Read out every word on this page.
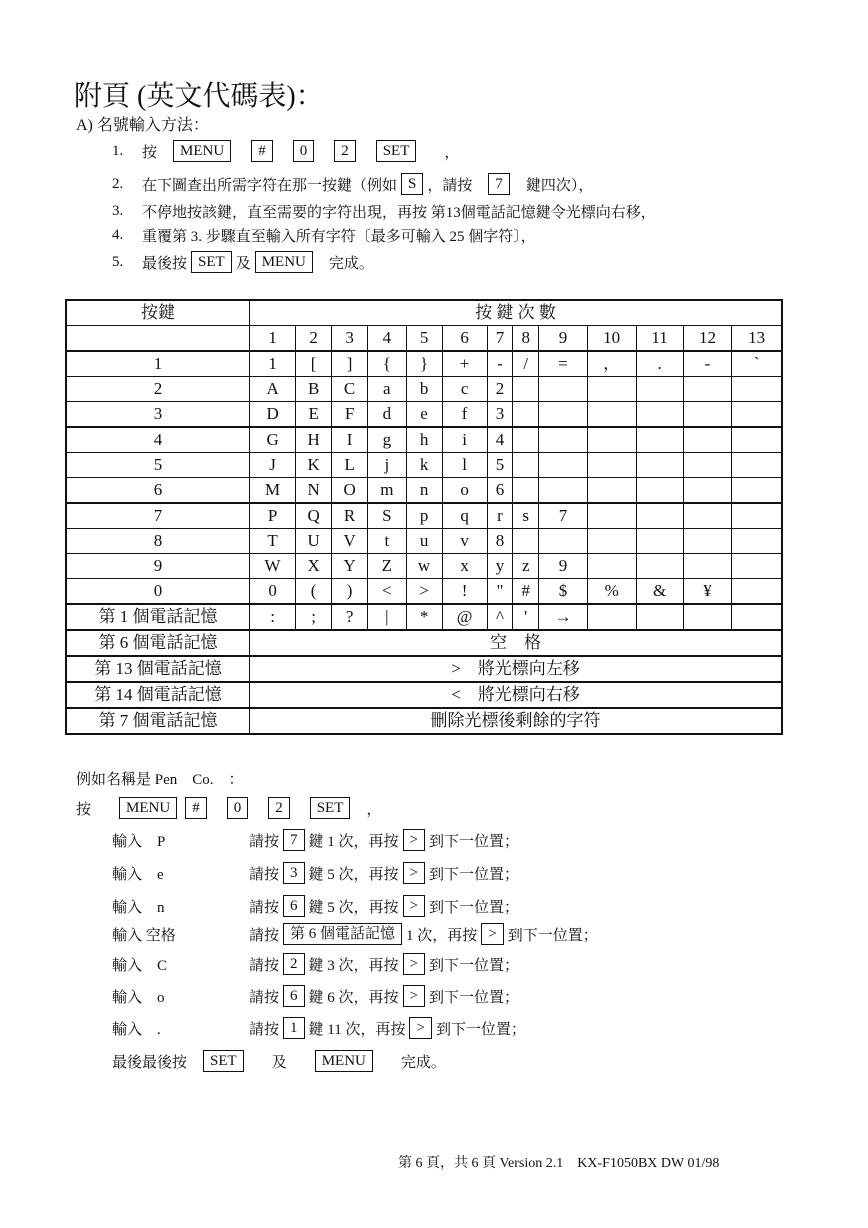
附頁 (英文代碼表)：
A) 名號輸入方法：
1.	按	MENU	#	0	2	SET	，
2.	在下圖查出所需字符在那一按鍵（例如 S ，請按	7	鍵四次），
3.	不停地按該鍵，直至需要的字符出現，再按 第13個電話記憶鍵令光標向右移，
4.	重覆第 3. 步驟直至輸入所有字符〔最多可輸入 25 個字符〕，
5.	最後按 SET 及 MENU	完成。
按鍵	按 鍵 次 數												
	1	2	3	4	5	6	7	8	9	10	11	12	13
1	1	[	]	{	}	+	-	/	=	，	.	-	`
2	A	B	C	a	b	c	2						
3	D	E	F	d	e	f	3						
4	G	H	I	g	h	i	4						
5	J	K	L	j	k	l	5						
6	M	N	O	m	n	o	6						
7	P	Q	R	S	p	q	r	s	7				
8	T	U	V	t	u	v	8						
9	W	X	Y	Z	w	x	y	z	9				
0	0	(	)	<	>	!	"	#	$	%	&	¥	
第 1 個電話記憶	:	;	?	|	*	@	^	'	→				
第 6 個電話記憶	空　格												
第 13 個電話記憶	>　將光標向左移												
第 14 個電話記憶	<　將光標向右移												
第 7 個電話記憶	刪除光標後剩餘的字符												
例如名稱是 Pen　Co.　：
按	MENU	#	0	2	SET	，
輸入　P	請按 7 鍵 1 次，再按 > 到下一位置；
輸入　e	請按 3 鍵 5 次，再按 > 到下一位置；
輸入　n	請按 6 鍵 5 次，再按 > 到下一位置；
輸入 空格	請按 第 6 個電話記憶 1 次，再按 > 到下一位置；
輸入　C	請按 2 鍵 3 次，再按 > 到下一位置；
輸入　o	請按 6 鍵 6 次，再按 > 到下一位置；
輸入　.	請按 1 鍵 11 次，再按 > 到下一位置；
最後最後按	SET	及	MENU	完成。
第 6 頁，共 6 頁 Version 2.1　KX-F1050BX DW 01/98
